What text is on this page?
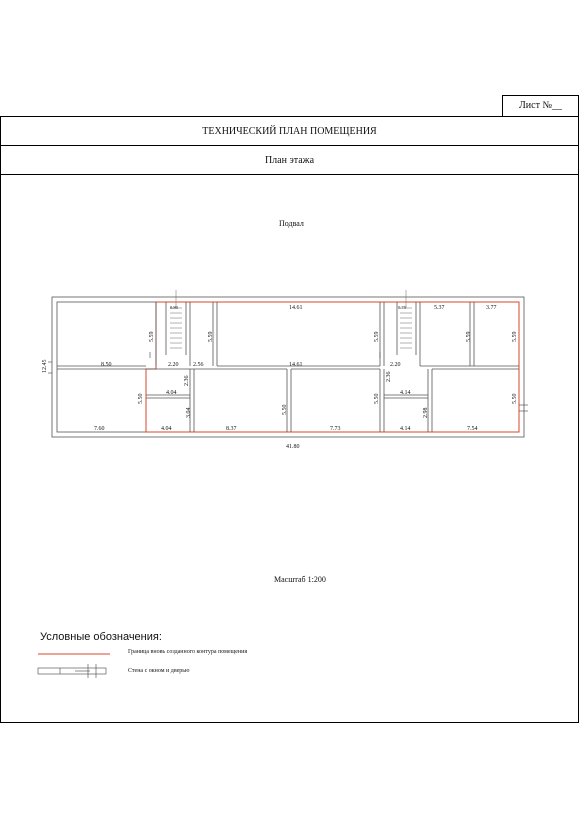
Лист №__
ТЕХНИЧЕСКИЙ ПЛАН ПОМЕЩЕНИЯ
План этажа
Подвал
12.45
41.80
8.50
0.80	0.75
14.61
14.61
5.37	3.77
5.59	5.59	5.59	5.59	5.59
2.20 2.56	2.20
2.36	2.36
4.04	4.14
3.04	2.98
7.60	4.04	8.37	7.73	4.14	7.54
5.50
5.50
5.50	5.50
Масштаб 1:200
Условные обозначения:
Граница вновь созданного контура помещения
Стена с окном и дверью
